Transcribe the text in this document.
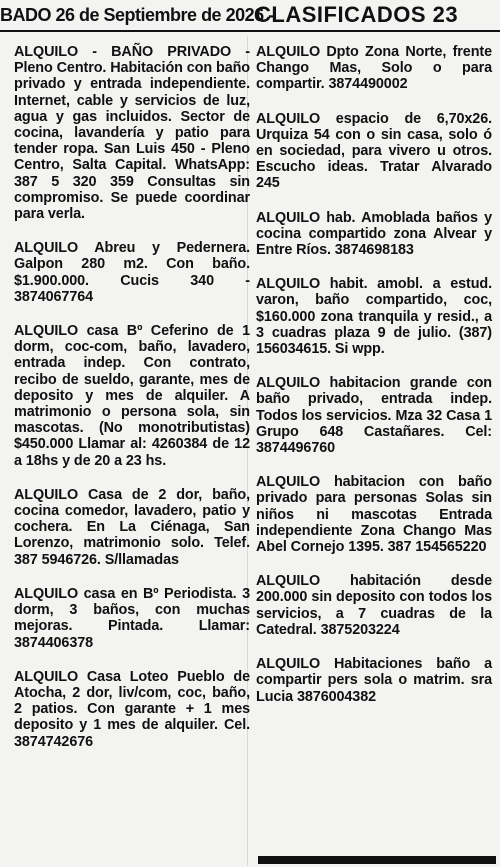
BADO 26 de Septiembre de 2026 -
CLASIFICADOS 23

ALQUILO - BAÑO PRIVADO - Pleno Centro. Habitación con baño privado y entrada independiente. Internet, cable y servicios de luz, agua y gas incluidos. Sector de cocina, lavandería y patio para tender ropa. San Luis 450 - Pleno Centro, Salta Capital. WhatsApp: 387 5 320 359 Consultas sin compromiso. Se puede coordinar para verla.

ALQUILO Abreu y Pedernera. Galpon 280 m2. Con baño. $1.900.000. Cucis 340 - 3874067764

ALQUILO casa Bº Ceferino de 1 dorm, coc-com, baño, lavadero, entrada indep. Con contrato, recibo de sueldo, garante, mes de deposito y mes de alquiler. A matrimonio o persona sola, sin mascotas. (No monotributistas) $450.000 Llamar al: 4260384 de 12 a 18hs y de 20 a 23 hs.

ALQUILO Casa de 2 dor, baño, cocina comedor, lavadero, patio y cochera. En La Ciénaga, San Lorenzo, matrimonio solo. Telef. 387 5946726. S/llamadas

ALQUILO casa en Bº Periodista. 3 dorm, 3 baños, con muchas mejoras. Pintada. Llamar: 3874406378

ALQUILO Casa Loteo Pueblo de Atocha, 2 dor, liv/com, coc, baño, 2 patios. Con garante + 1 mes deposito y 1 mes de alquiler. Cel. 3874742676

ALQUILO Dpto Zona Norte, frente Chango Mas, Solo o para compartir. 3874490002

ALQUILO espacio de 6,70x26. Urquiza 54 con o sin casa, solo ó en sociedad, para vivero u otros. Escucho ideas. Tratar Alvarado 245

ALQUILO hab. Amoblada baños y cocina compartido zona Alvear y Entre Ríos. 3874698183

ALQUILO habit. amobl. a estud. varon, baño compartido, coc, $160.000 zona tranquila y resid., a 3 cuadras plaza 9 de julio. (387) 156034615. Si wpp.

ALQUILO habitacion grande con baño privado, entrada indep. Todos los servicios. Mza 32 Casa 1 Grupo 648 Castañares. Cel: 3874496760

ALQUILO habitacion con baño privado para personas Solas sin niños ni mascotas Entrada independiente Zona Chango Mas Abel Cornejo 1395. 387 154565220

ALQUILO habitación desde 200.000 sin deposito con todos los servicios, a 7 cuadras de la Catedral. 3875203224

ALQUILO Habitaciones baño a compartir pers sola o matrim. sra Lucia 3876004382
